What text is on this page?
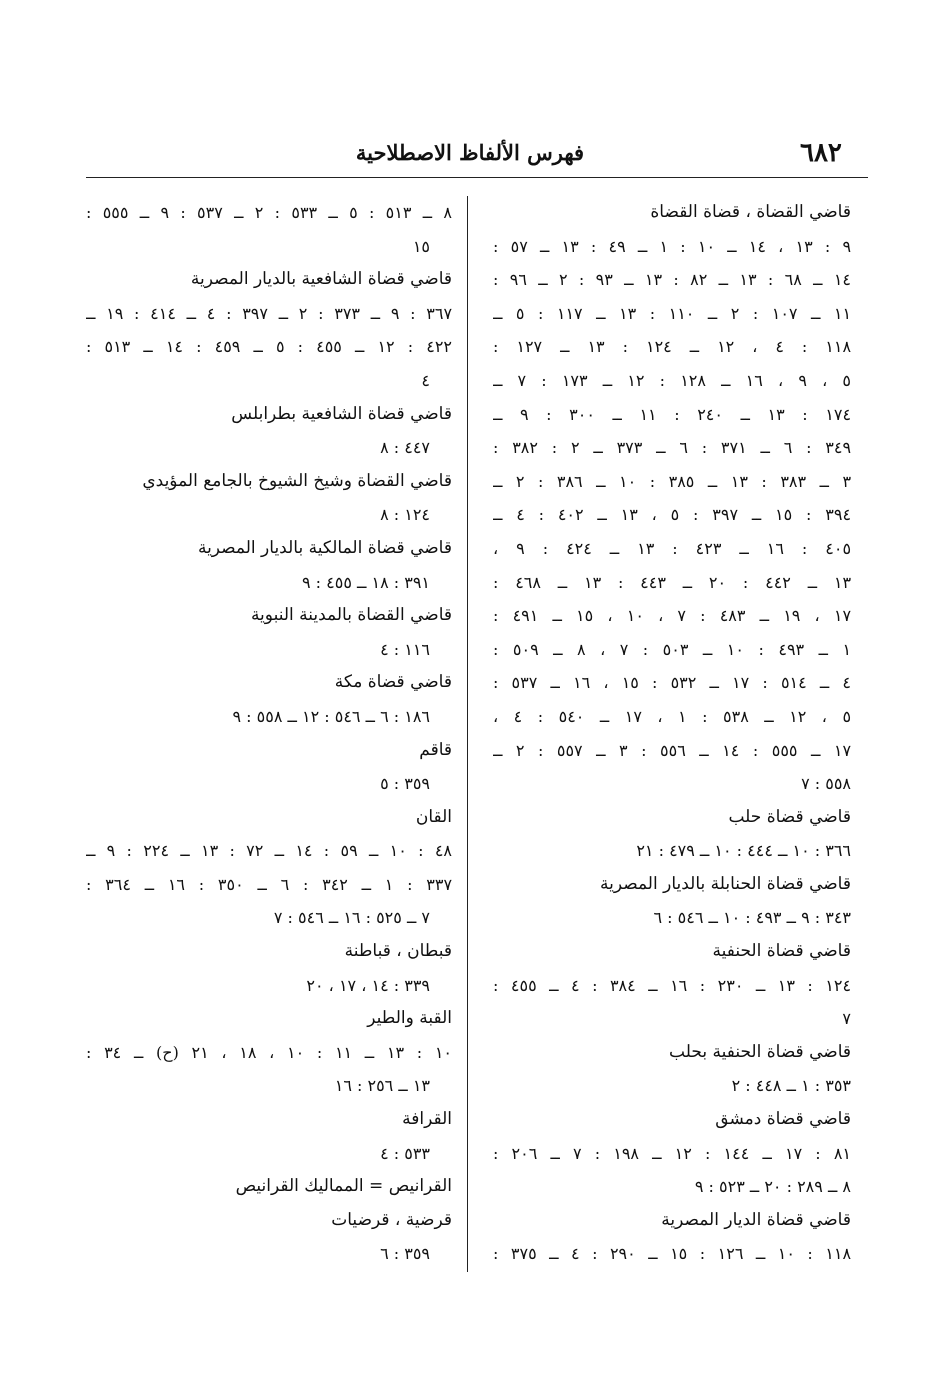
٦٨٢
فهرس الألفاظ الاصطلاحية
قاضي القضاة ، قضاة القضاة
٩ : ١٣ ، ١٤ ــ ١٠ : ١ ــ ٤٩ : ١٣ ــ ٥٧ :
١٤ ــ ٦٨ : ١٣ ــ ٨٢ : ١٣ ــ ٩٣ : ٢ ــ ٩٦ :
١١ ــ ١٠٧ : ٢ ــ ١١٠ : ١٣ ــ ١١٧ : ٥ ــ
١١٨ : ٤ ، ١٢ ــ ١٢٤ : ١٣ ــ ١٢٧ :
٥ ، ٩ ، ١٦ ــ ١٢٨ : ١٢ ــ ١٧٣ : ٧ ــ
١٧٤ : ١٣ ــ ٢٤٠ : ١١ ــ ٣٠٠ : ٩ ــ
٣٤٩ : ٦ ــ ٣٧١ : ٦ ــ ٣٧٣ ــ ٢ : ٣٨٢ :
٣ ــ ٣٨٣ : ١٣ ــ ٣٨٥ : ١٠ ــ ٣٨٦ : ٢ ــ
٣٩٤ : ١٥ ــ ٣٩٧ : ٥ ، ١٣ ــ ٤٠٢ : ٤ ــ
٤٠٥ : ١٦ ــ ٤٢٣ : ١٣ ــ ٤٢٤ : ٩ ،
١٣ ــ ٤٤٢ : ٢٠ ــ ٤٤٣ : ١٣ ــ ٤٦٨ :
١٧ ، ١٩ ــ ٤٨٣ : ٧ ، ١٠ ، ١٥ ــ ٤٩١ :
١ ــ ٤٩٣ : ١٠ ــ ٥٠٣ : ٧ ، ٨ ــ ٥٠٩ :
٤ ــ ٥١٤ : ١٧ ــ ٥٣٢ : ١٥ ، ١٦ ــ ٥٣٧ :
٥ ، ١٢ ــ ٥٣٨ : ١ ، ١٧ ــ ٥٤٠ : ٤ ،
١٧ ــ ٥٥٥ : ١٤ ــ ٥٥٦ : ٣ ــ ٥٥٧ : ٢ ــ
٥٥٨ : ٧
قاضي قضاة حلب
٣٦٦ : ١٠ ــ ٤٤٤ : ١٠ ــ ٤٧٩ : ٢١
قاضي قضاة الحنابلة بالديار المصرية
٣٤٣ : ٩ ــ ٤٩٣ : ١٠ ــ ٥٤٦ : ٦
قاضي قضاة الحنفية
١٢٤ : ١٣ ــ ٢٣٠ : ١٦ ــ ٣٨٤ : ٤ ــ ٤٥٥ :
٧
قاضي قضاة الحنفية بحلب
٣٥٣ : ١ ــ ٤٤٨ : ٢
قاضي قضاة دمشق
٨١ : ١٧ ــ ١٤٤ : ١٢ ــ ١٩٨ : ٧ ــ ٢٠٦ :
٨ ــ ٢٨٩ : ٢٠ ــ ٥٢٣ : ٩
قاضي قضاة الديار المصرية
١١٨ : ١٠ ــ ١٢٦ : ١٥ ــ ٢٩٠ : ٤ ــ ٣٧٥ :
٨ ــ ٥١٣ : ٥ ــ ٥٣٣ : ٢ ــ ٥٣٧ : ٩ ــ ٥٥٥ :
١٥
قاضي قضاة الشافعية بالديار المصرية
٣٦٧ : ٩ ــ ٣٧٣ : ٢ ــ ٣٩٧ : ٤ ــ ٤١٤ : ١٩ ــ
٤٢٢ : ١٢ ــ ٤٥٥ : ٥ ــ ٤٥٩ : ١٤ ــ ٥١٣ :
٤
قاضي قضاة الشافعية بطرابلس
٤٤٧ : ٨
قاضي القضاة وشيخ الشيوخ بالجامع المؤيدي
١٢٤ : ٨
قاضي قضاة المالكية بالديار المصرية
٣٩١ : ١٨ ــ ٤٥٥ : ٩
قاضي القضاة بالمدينة النبوية
١١٦ : ٤
قاضي قضاة مكة
١٨٦ : ٦ ــ ٥٤٦ : ١٢ ــ ٥٥٨ : ٩
قاقم
٣٥٩ : ٥
القان
٤٨ : ١٠ ــ ٥٩ : ١٤ ــ ٧٢ : ١٣ ــ ٢٢٤ : ٩ ــ
٣٣٧ : ١ ــ ٣٤٢ : ٦ ــ ٣٥٠ : ١٦ ــ ٣٦٤ :
٧ ــ ٥٢٥ : ١٦ ــ ٥٤٦ : ٧
قبطان ، قباطنة
٣٣٩ : ١٤ ، ١٧ ، ٢٠
القبة والطير
١٠ : ١٣ ــ ١١ : ١٠ ، ١٨ ، ٢١ (ح) ــ ٣٤ :
١٣ ــ ٢٥٦ : ١٦
القرافة
٥٣٣ : ٤
القرانيص = المماليك القرانيص
قرضية ، قرضيات
٣٥٩ : ٦
